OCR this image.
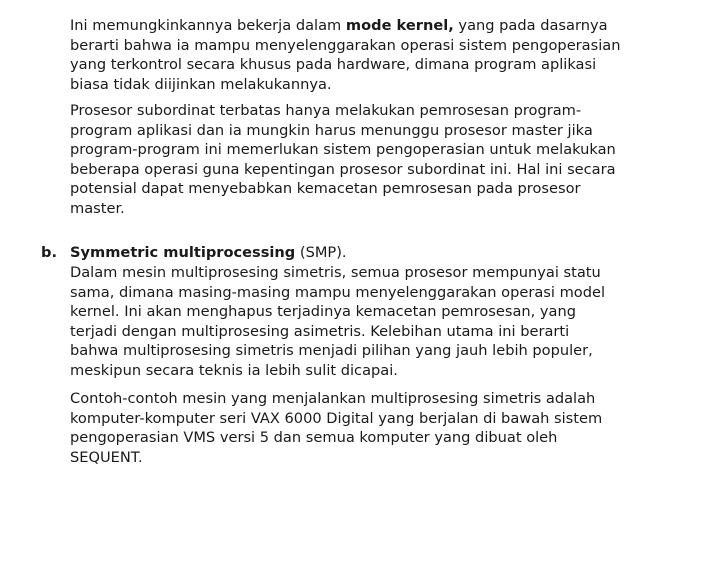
Ini memungkinkannya bekerja dalam mode kernel, yang pada dasarnya
berarti bahwa ia mampu menyelenggarakan operasi sistem pengoperasian
yang terkontrol secara khusus pada hardware, dimana program aplikasi
biasa tidak diijinkan melakukannya.
Prosesor subordinat terbatas hanya melakukan pemrosesan program-
program aplikasi dan ia mungkin harus menunggu prosesor master jika
program-program ini memerlukan sistem pengoperasian untuk melakukan
beberapa operasi guna kepentingan prosesor subordinat ini. Hal ini secara
potensial dapat menyebabkan kemacetan pemrosesan pada prosesor
master.
b. Symmetric multiprocessing (SMP).
Dalam mesin multiprosesing simetris, semua prosesor mempunyai statu
sama, dimana masing-masing mampu menyelenggarakan operasi model
kernel. Ini akan menghapus terjadinya kemacetan pemrosesan, yang
terjadi dengan multiprosesing asimetris. Kelebihan utama ini berarti
bahwa multiprosesing simetris menjadi pilihan yang jauh lebih populer,
meskipun secara teknis ia lebih sulit dicapai.
Contoh-contoh mesin yang menjalankan multiprosesing simetris adalah
komputer-komputer seri VAX 6000 Digital yang berjalan di bawah sistem
pengoperasian VMS versi 5 dan semua komputer yang dibuat oleh
SEQUENT.
